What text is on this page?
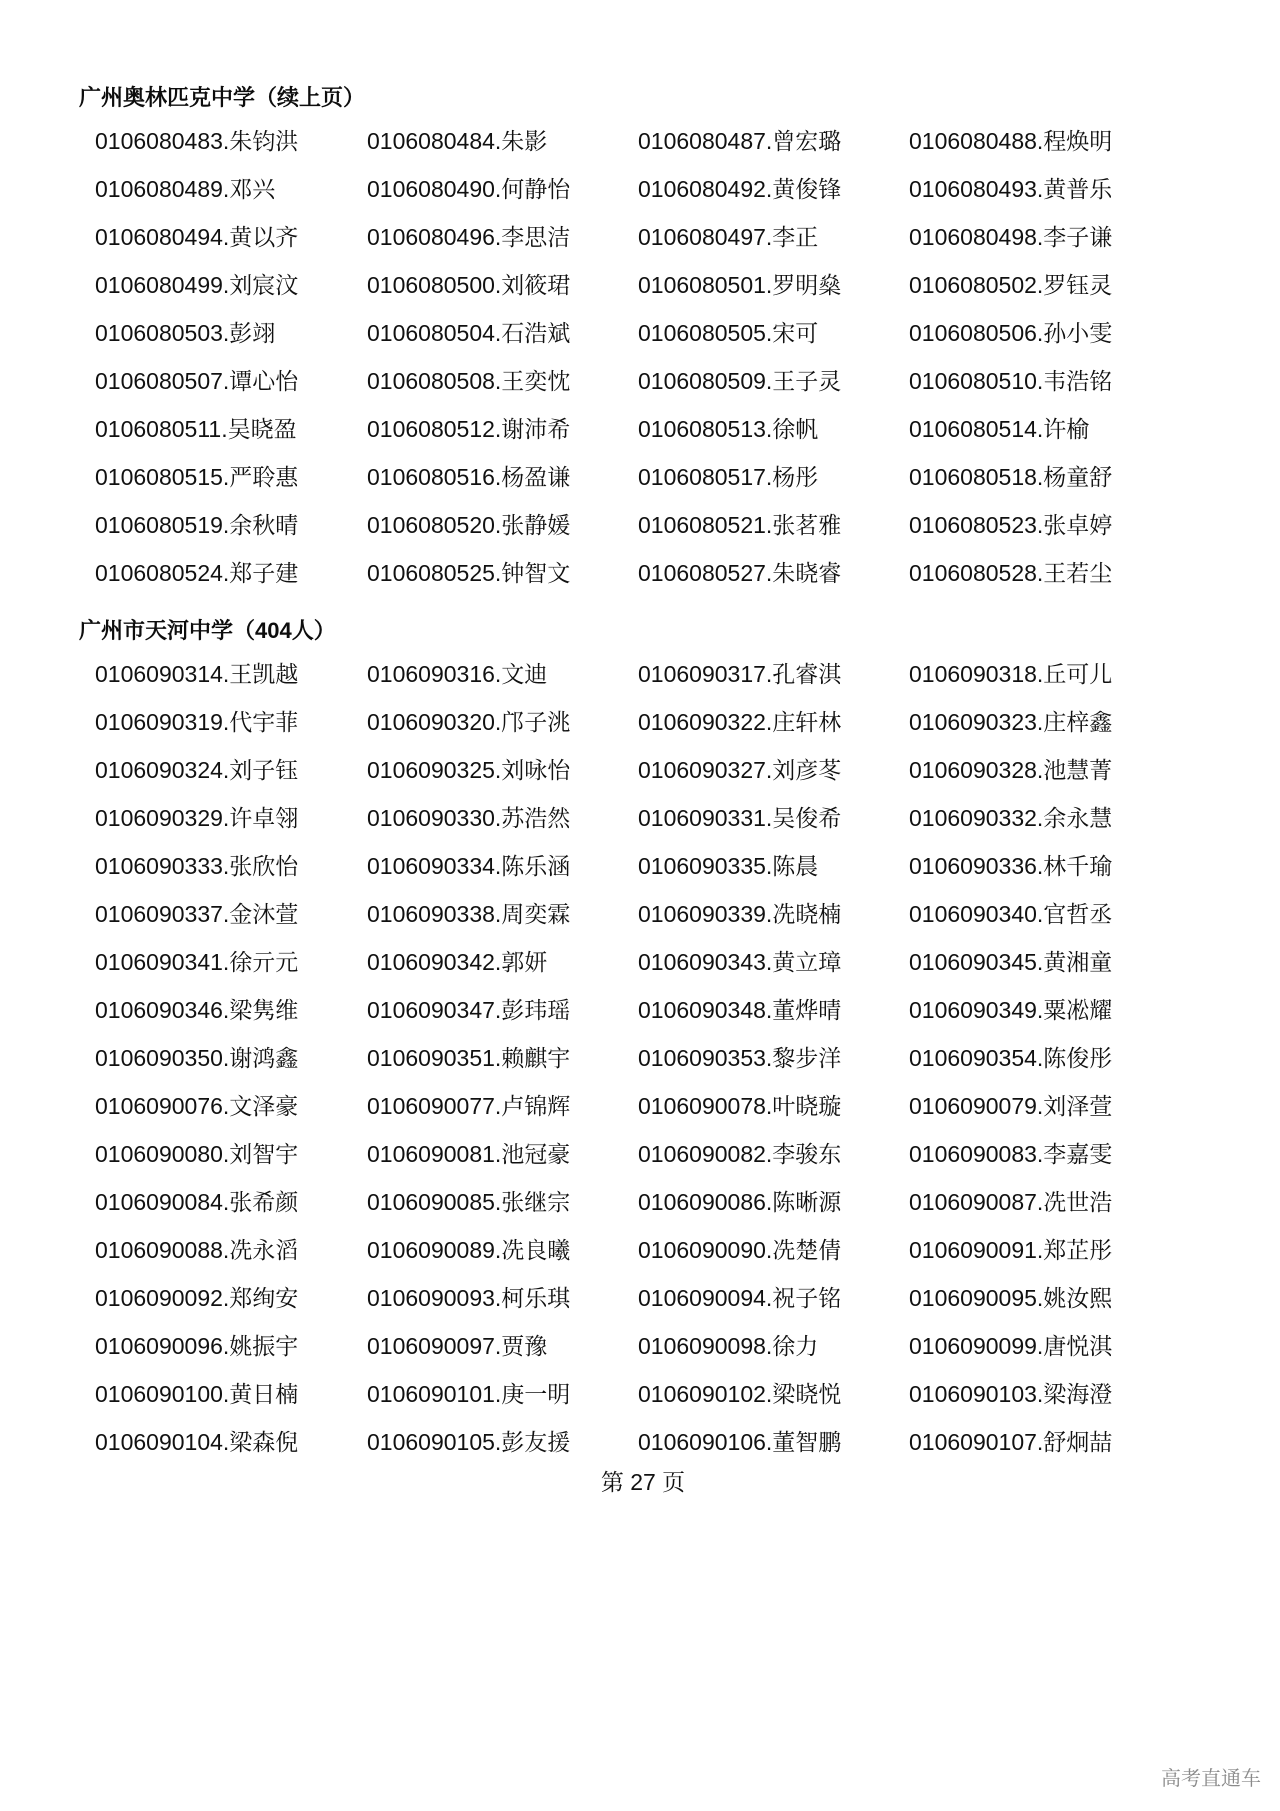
广州奥林匹克中学（续上页）
0106080483.朱钧洪	0106080484.朱影	0106080487.曾宏璐	0106080488.程焕明
0106080489.邓兴	0106080490.何静怡	0106080492.黄俊锋	0106080493.黄普乐
0106080494.黄以齐	0106080496.李思洁	0106080497.李正	0106080498.李子谦
0106080499.刘宸汶	0106080500.刘筱珺	0106080501.罗明燊	0106080502.罗钰灵
0106080503.彭翊	0106080504.石浩斌	0106080505.宋可	0106080506.孙小雯
0106080507.谭心怡	0106080508.王奕忱	0106080509.王子灵	0106080510.韦浩铭
0106080511.吴晓盈	0106080512.谢沛希	0106080513.徐帆	0106080514.许榆
0106080515.严聆惠	0106080516.杨盈谦	0106080517.杨彤	0106080518.杨童舒
0106080519.余秋晴	0106080520.张静媛	0106080521.张茗雅	0106080523.张卓婷
0106080524.郑子建	0106080525.钟智文	0106080527.朱晓睿	0106080528.王若尘
广州市天河中学（404人）
0106090314.王凯越	0106090316.文迪	0106090317.孔睿淇	0106090318.丘可儿
0106090319.代宇菲	0106090320.邝子洮	0106090322.庄轩林	0106090323.庄梓鑫
0106090324.刘子钰	0106090325.刘咏怡	0106090327.刘彦苳	0106090328.池慧菁
0106090329.许卓翎	0106090330.苏浩然	0106090331.吴俊希	0106090332.余永慧
0106090333.张欣怡	0106090334.陈乐涵	0106090335.陈晨	0106090336.林千瑜
0106090337.金沐萱	0106090338.周奕霖	0106090339.冼晓楠	0106090340.官哲丞
0106090341.徐亓元	0106090342.郭妍	0106090343.黄立璋	0106090345.黄湘童
0106090346.梁隽维	0106090347.彭玮瑶	0106090348.董烨晴	0106090349.粟凇耀
0106090350.谢鸿鑫	0106090351.赖麒宇	0106090353.黎步洋	0106090354.陈俊彤
0106090076.文泽豪	0106090077.卢锦辉	0106090078.叶晓璇	0106090079.刘泽萱
0106090080.刘智宇	0106090081.池冠豪	0106090082.李骏东	0106090083.李嘉雯
0106090084.张希颜	0106090085.张继宗	0106090086.陈晰源	0106090087.冼世浩
0106090088.冼永滔	0106090089.冼良曦	0106090090.冼楚倩	0106090091.郑芷彤
0106090092.郑绚安	0106090093.柯乐琪	0106090094.祝子铭	0106090095.姚汝熙
0106090096.姚振宇	0106090097.贾豫	0106090098.徐力	0106090099.唐悦淇
0106090100.黄日楠	0106090101.庚一明	0106090102.梁晓悦	0106090103.梁海澄
0106090104.梁森倪	0106090105.彭友援	0106090106.董智鹏	0106090107.舒炯喆
第 27 页
高考直通车
